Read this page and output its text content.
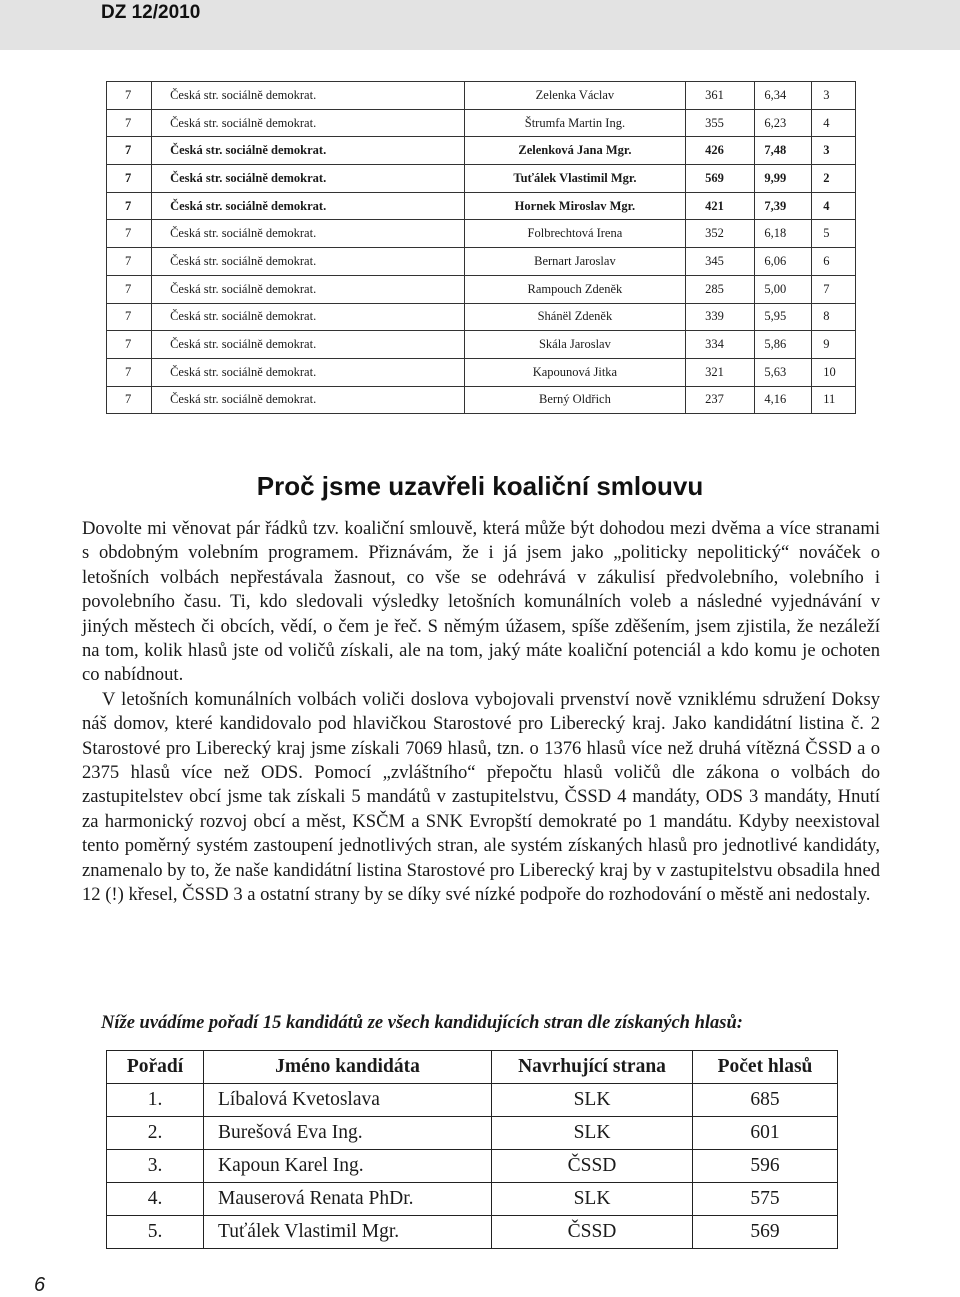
DZ 12/2010
7	Česká str. sociálně demokrat.	Zelenka Václav	361	6,34	3
7	Česká str. sociálně demokrat.	Štrumfa Martin Ing.	355	6,23	4
7	Česká str. sociálně demokrat.	Zelenková Jana Mgr.	426	7,48	3
7	Česká str. sociálně demokrat.	Tuťálek Vlastimil Mgr.	569	9,99	2
7	Česká str. sociálně demokrat.	Hornek Miroslav Mgr.	421	7,39	4
7	Česká str. sociálně demokrat.	Folbrechtová Irena	352	6,18	5
7	Česká str. sociálně demokrat.	Bernart Jaroslav	345	6,06	6
7	Česká str. sociálně demokrat.	Rampouch Zdeněk	285	5,00	7
7	Česká str. sociálně demokrat.	Shánël Zdeněk	339	5,95	8
7	Česká str. sociálně demokrat.	Skála Jaroslav	334	5,86	9
7	Česká str. sociálně demokrat.	Kapounová Jitka	321	5,63	10
7	Česká str. sociálně demokrat.	Berný Oldřich	237	4,16	11
Proč jsme uzavřeli koaliční smlouvu

Dovolte mi věnovat pár řádků tzv. koaliční smlouvě, která může být dohodou mezi dvěma a více stranami s obdobným volebním programem. Přiznávám, že i já jsem jako „politicky nepolitický“ nováček o letošních volbách nepřestávala žasnout, co vše se odehrává v zákulisí předvolebního, volebního i povolebního času. Ti, kdo sledovali výsledky letošních komunálních voleb a následné vyjednávání v jiných městech či obcích, vědí, o čem je řeč. S němým úžasem, spíše zděšením, jsem zjistila, že nezáleží na tom, kolik hlasů jste od voličů získali, ale na tom, jaký máte koaliční potenciál a kdo komu je ochoten co nabídnout.

V letošních komunálních volbách voliči doslova vybojovali prvenství nově vzniklému sdružení Doksy náš domov, které kandidovalo pod hlavičkou Starostové pro Liberecký kraj. Jako kandidátní listina č. 2 Starostové pro Liberecký kraj jsme získali 7069 hlasů, tzn. o 1376 hlasů více než druhá vítězná ČSSD a o 2375 hlasů více než ODS. Pomocí „zvláštního“ přepočtu hlasů voličů dle zákona o volbách do zastupitelstev obcí jsme tak získali 5 mandátů v zastupitelstvu, ČSSD 4 mandáty, ODS 3 mandáty, Hnutí za harmonický rozvoj obcí a měst, KSČM a SNK Evropští demokraté po 1 mandátu. Kdyby neexistoval tento poměrný systém zastoupení jednotlivých stran, ale systém získaných hlasů pro jednotlivé kandidáty, znamenalo by to, že naše kandidátní listina Starostové pro Liberecký kraj by v zastupitelstvu obsadila hned 12 (!) křesel, ČSSD 3 a ostatní strany by se díky své nízké podpoře do rozhodování o městě ani nedostaly.

Níže uvádíme pořadí 15 kandidátů ze všech kandidujících stran dle získaných hlasů:
Pořadí	Jméno kandidáta	Navrhující strana	Počet hlasů
1.	Líbalová Kvetoslava	SLK	685
2.	Burešová Eva Ing.	SLK	601
3.	Kapoun Karel Ing.	ČSSD	596
4.	Mauserová Renata PhDr.	SLK	575
5.	Tuťálek Vlastimil Mgr.	ČSSD	569
6
